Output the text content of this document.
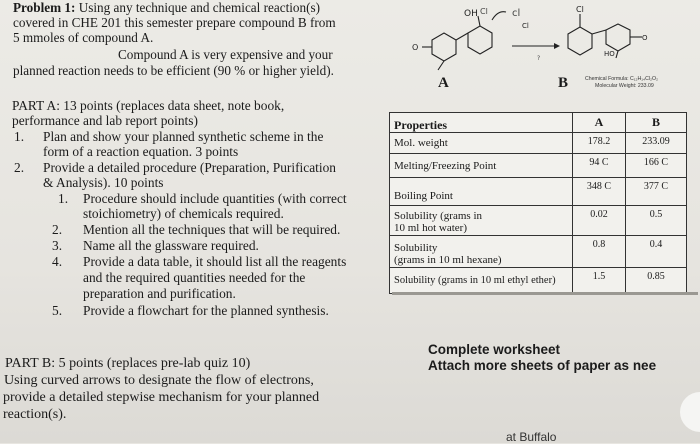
Problem 1: Using any technique and chemical reaction(s)
covered in CHE 201 this semester prepare compound B from
5 mmoles of compound A.
Compound A is very expensive and your
planned reaction needs to be efficient (90 % or higher yield).
OH Cl cl
O
?
Cl
Cl
HO
O
A	B	Chemical Formula: C₁₂H₁₄Cl₂O₂
Molecular Weight: 233.09
PART A: 13 points (replaces data sheet, note book,
performance and lab report points)
1. Plan and show your planned synthetic scheme in the
form of a reaction equation. 3 points
2. Provide a detailed procedure (Preparation, Purification
& Analysis). 10 points
1. Procedure should include quantities (with correct
stoichiometry) of chemicals required.
2. Mention all the techniques that will be required.
3. Name all the glassware required.
4. Provide a data table, it should list all the reagents
and the required quantities needed for the
preparation and purification.
5. Provide a flowchart for the planned synthesis.
Properties	A	B
Mol. weight	178.2	233.09
Melting/Freezing Point	94 C	166 C
Boiling Point	348 C	377 C

Solubility (grams in
10 ml hot water)	0.02	0.5

Solubility
(grams in 10 ml hexane)	0.8	0.4
Solubility (grams in 10 ml ethyl ether)	1.5	0.85
Complete worksheet
Attach more sheets of paper as nee
PART B: 5 points (replaces pre-lab quiz 10)
Using curved arrows to designate the flow of electrons,
provide a detailed stepwise mechanism for your planned
reaction(s).
at Buffalo
